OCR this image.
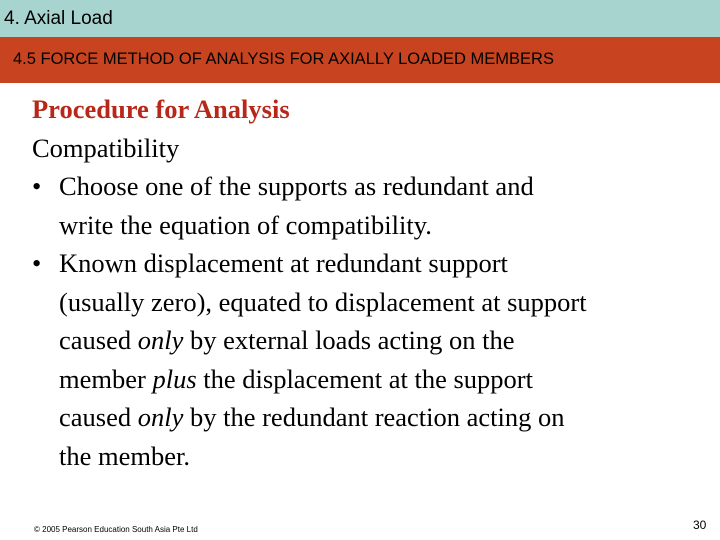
4. Axial Load
4.5 FORCE METHOD OF ANALYSIS FOR AXIALLY LOADED MEMBERS
Procedure for Analysis
Compatibility
• Choose one of the supports as redundant and
write the equation of compatibility.
• Known displacement at redundant support
(usually zero), equated to displacement at support
caused only by external loads acting on the
member plus the displacement at the support
caused only by the redundant reaction acting on
the member.
© 2005 Pearson Education South Asia Pte Ltd	30
